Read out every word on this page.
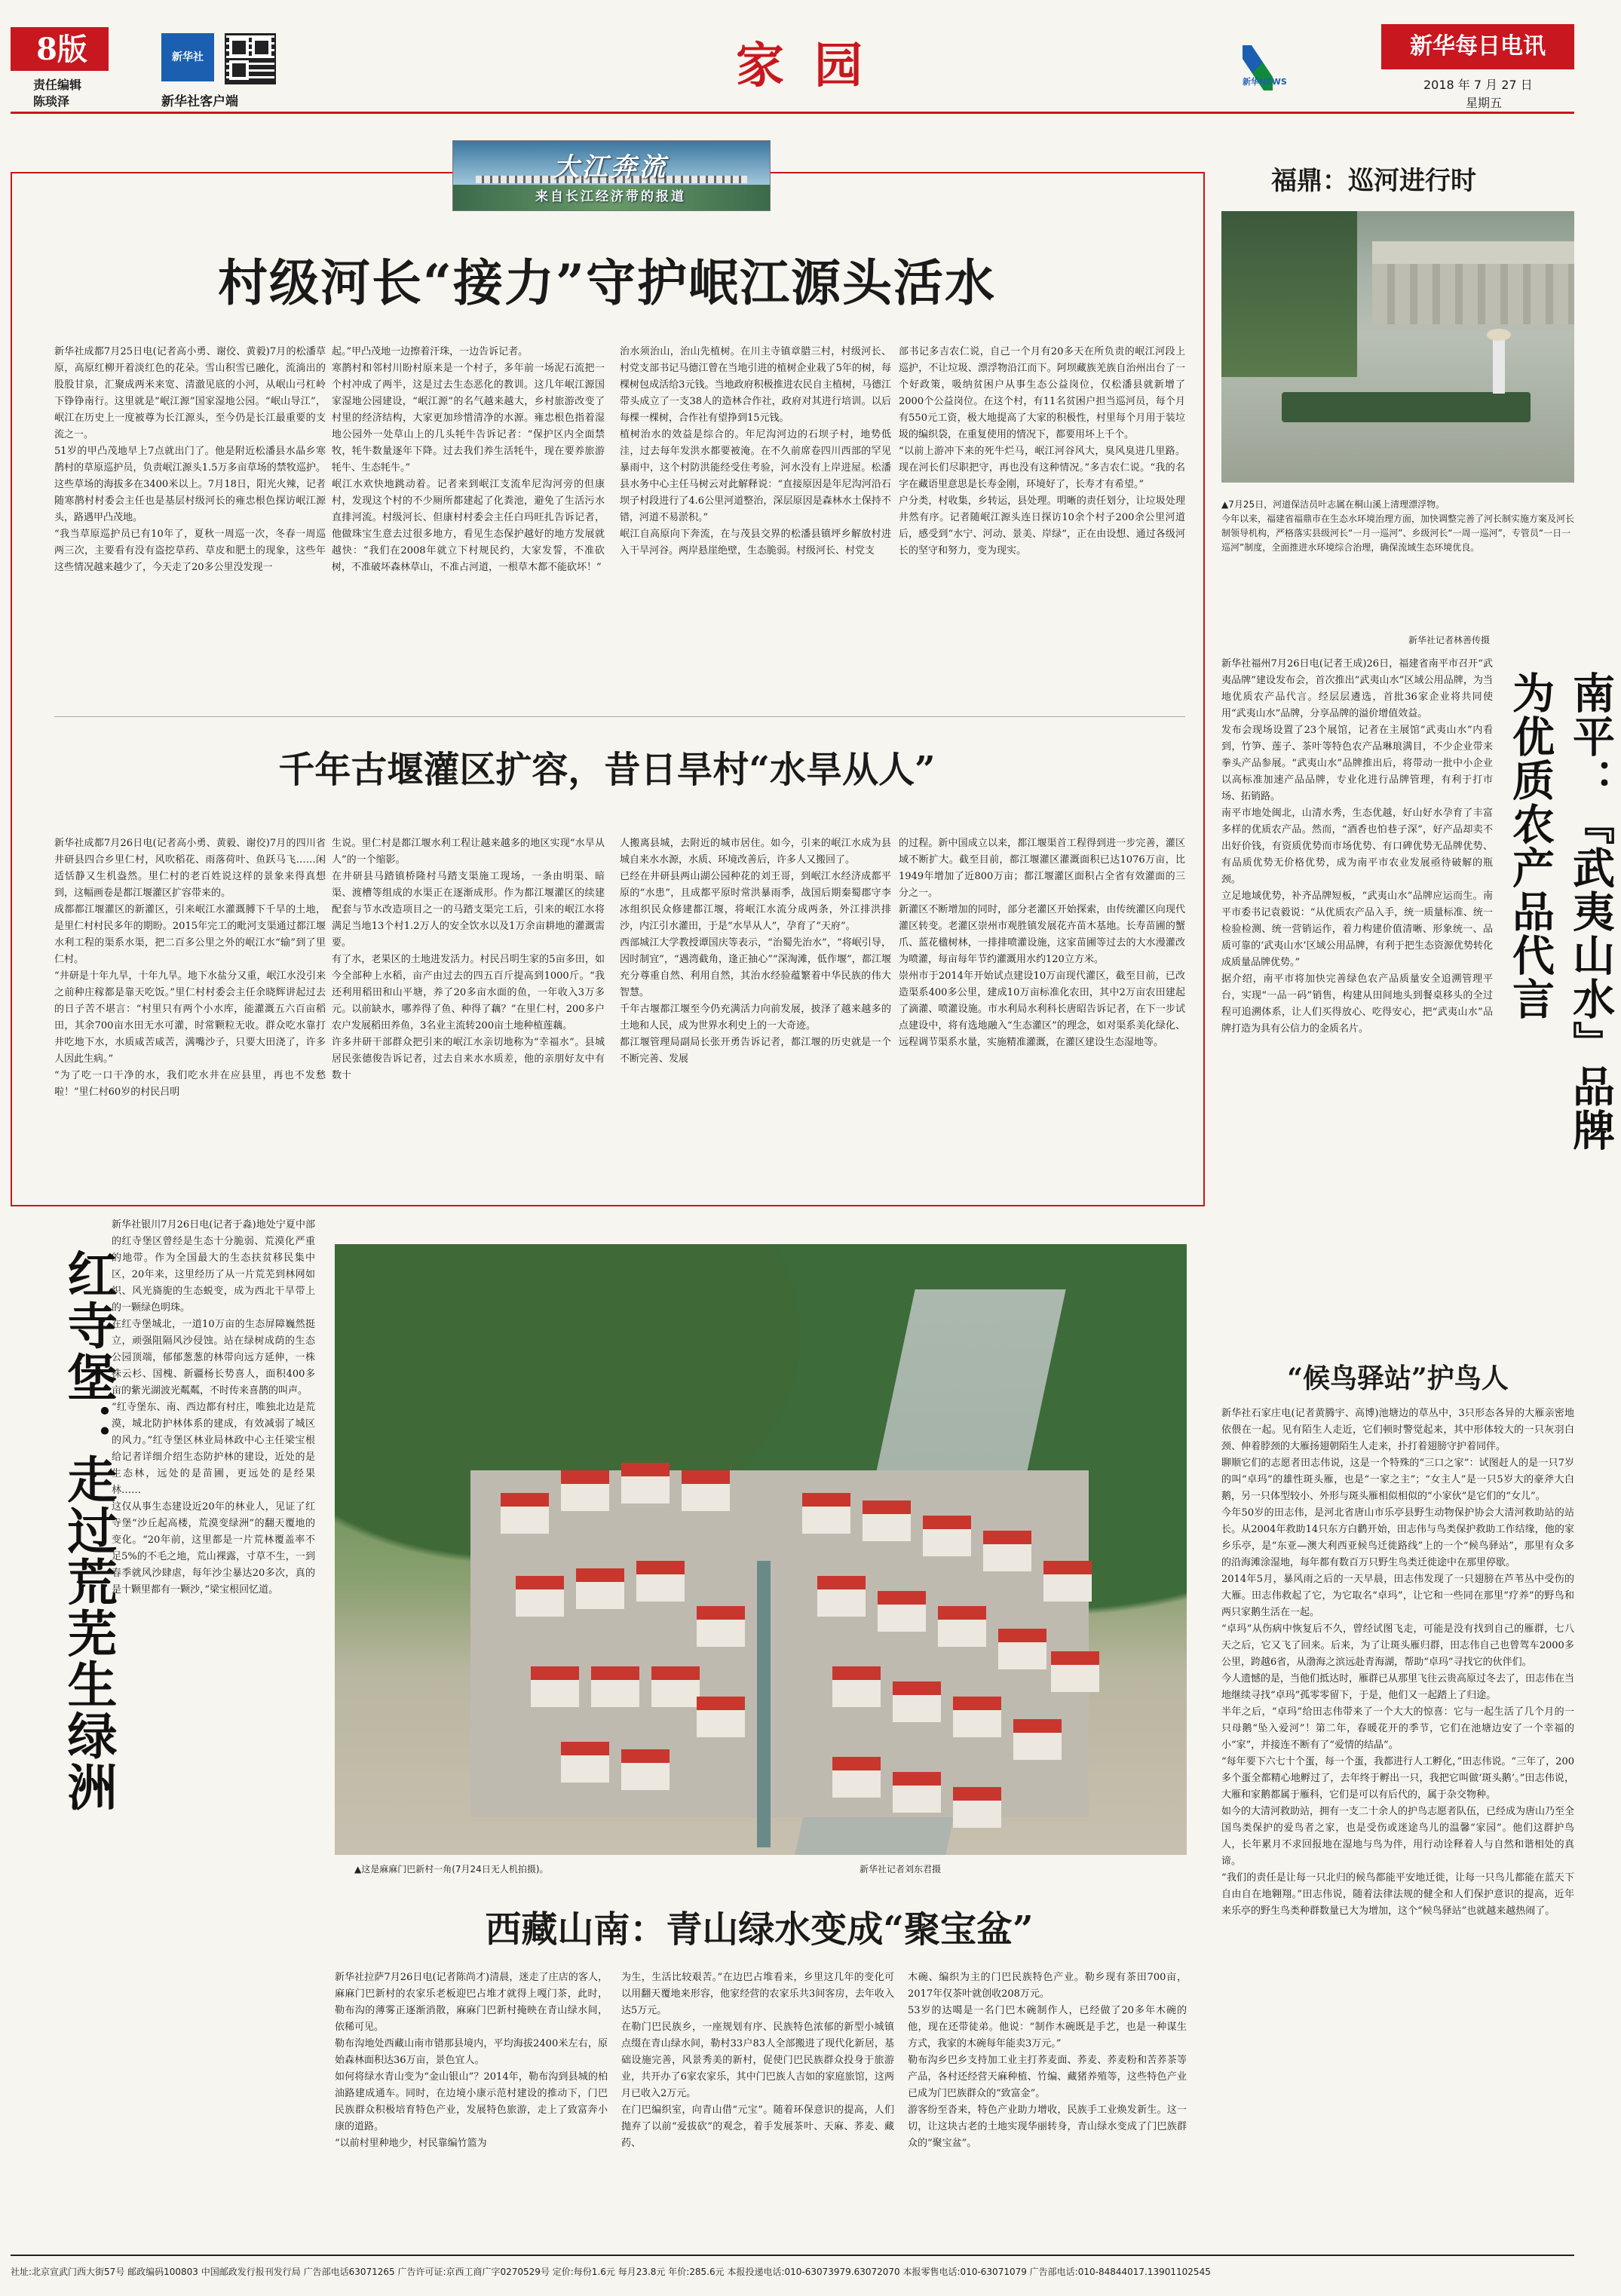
8版
责任编辑
陈琰泽
新华社
新华社客户端
家园	新华NEWS
新华每日电讯
2018 年 7 月 27 日
星期五
大江奔流
来自长江经济带的报道
村级河长“接力”守护岷江源头活水
新华社成都7月25日电(记者高小勇、谢佼、黄毅)7月的松潘草原，高原红柳开着淡红色的花朵。雪山积雪已融化，流淌出的股股甘泉，汇聚成两米来宽、清澈见底的小河，从岷山弓杠岭下铮铮南行。这里就是“岷江源”国家湿地公园。“岷山导江”，岷江在历史上一度被尊为长江源头，至今仍是长江最重要的支流之一。
51岁的甲凸茂地早上7点就出门了。他是附近松潘县水晶乡寒鹊村的草原巡护员，负责岷江源头1.5万多亩草场的禁牧巡护。这些草场的海拔多在3400米以上。7月18日，阳光火辣，记者随寒鹊村村委会主任也是基层村级河长的雍忠根色探访岷江源头，路遇甲凸茂地。
“我当草原巡护员已有10年了，夏秋一周巡一次，冬春一周巡两三次，主要看有没有盗挖草药、草皮和肥土的现象，这些年这些情况越来越少了，今天走了20多公里没发现一
起。”甲凸茂地一边擦着汗珠，一边告诉记者。
寒鹊村和邻村川盼村原来是一个村子，多年前一场泥石流把一个村冲成了两半，这是过去生态恶化的教训。这几年岷江源国家湿地公园建设，“岷江源”的名气越来越大，乡村旅游改变了村里的经济结构，大家更加珍惜清净的水源。雍忠根色指着湿地公园外一处草山上的几头牦牛告诉记者：“保护区内全面禁牧，牦牛数量逐年下降。过去我们养生活牦牛，现在要养旅游牦牛、生态牦牛。”
岷江水欢快地跳动着。记者来到岷江支流牟尼沟河旁的但康村，发现这个村的不少厕所都建起了化粪池，避免了生活污水直排河流。村级河长、但康村村委会主任白玛旺扎告诉记者，他做珠宝生意去过很多地方，看见生态保护越好的地方发展就越快：“我们在2008年就立下村规民约，大家发誓，不准砍树，不准破坏森林草山，不准占河道，一根草木都不能砍坏！”
治水须治山，治山先植树。在川主寺镇章腊三村，村级河长、村党支部书记马德江曾在当地引进的植树企业栽了5年的树，每棵树包成活给3元钱。当地政府积极推进农民自主植树，马德江带头成立了一支38人的造林合作社，政府对其进行培训。以后每棵一棵树，合作社有望挣到15元钱。
植树治水的效益是综合的。年尼沟河边的石坝子村，地势低洼，过去每年发洪水都要被淹。在不久前席卷四川西部的罕见暴雨中，这个村防洪能经受住考验，河水没有上岸进屋。松潘县水务中心主任马树云对此解释说：“直接原因是年尼沟河沿石坝子村段进行了4.6公里河道整治，深层原因是森林水土保持不错，河道不易淤积。”
岷江自高原向下奔流，在与茂县交界的松潘县镇坪乡解放村进入干旱河谷。两岸悬崖绝壁，生态脆弱。村级河长、村党支
部书记多吉农仁说，自己一个月有20多天在所负责的岷江河段上巡护，不让垃圾、漂浮物沿江而下。阿坝藏族羌族自治州出台了一个好政策，吸纳贫困户从事生态公益岗位，仅松潘县就新增了2000个公益岗位。在这个村，有11名贫困户担当巡河员，每个月有550元工资，极大地提高了大家的积极性，村里每个月用于装垃圾的编织袋，在重复使用的情况下，都要用坏上千个。
“以前上游冲下来的死牛烂马，岷江河谷风大，臭风臭进几里路。现在河长们尽职把守，再也没有这种情况。”多吉农仁说。“我的名字在藏语里意思是长寿金刚，环境好了，长寿才有希望。”
户分类，村收集，乡转运，县处理。明晰的责任划分，让垃圾处理井然有序。记者随岷江源头连日探访10余个村子200余公里河道后，感受到“水宁、河动、景美、岸绿”，正在由设想、通过各级河长的坚守和努力，变为现实。
千年古堰灌区扩容，昔日旱村“水旱从人”
新华社成都7月26日电(记者高小勇、黄毅、谢佼)7月的四川省井研县四合乡里仁村，风吹稻花、雨落荷叶、鱼跃马飞……闲适恬静又生机盎然。里仁村的老百姓说这样的景象来得真想到，这幅画卷是都江堰灌区扩容带来的。
成都都江堰灌区的新灌区，引来岷江水灌溉膊下千旱的土地，是里仁村村民多年的期盼。2015年完工的毗河支渠通过都江堰水利工程的渠系水渠，把二百多公里之外的岷江水“输”到了里仁村。
“井研是十年九旱，十年九旱。地下水盐分又重，岷江水没引来之前种庄稼都是靠天吃饭。”里仁村村委会主任余晓辉讲起过去的日子苦不堪言：“村里只有两个小水库，能灌溉五六百亩稻田，其余700亩水田无水可灌，时常颗粒无收。群众吃水靠打井吃地下水，水质咸苦咸苦，满嘴沙子，只要大田浇了，许多人因此生病。”
“为了吃一口干净的水，我们吃水井在应县里，再也不发愁啦！”里仁村60岁的村民吕明
生说。里仁村是都江堰水利工程让越来越多的地区实现“水旱从人”的一个缩影。
在井研县马踏镇桥隆村马踏支渠施工现场，一条由明渠、暗渠、渡槽等组成的水渠正在逐渐成形。作为都江堰灌区的续建配套与节水改造项目之一的马踏支渠完工后，引来的岷江水将满足当地13个村1.2万人的安全饮水以及1万余亩耕地的灌溉需要。
有了水，老果区的土地进发活力。村民吕明生家的5亩多田，如今全部种上水稻，亩产由过去的四五百斤提高到1000斤。“我还利用稻田和山平塘，养了20多亩水面的鱼，一年收入3万多元。以前缺水，哪养得了鱼、种得了藕？”在里仁村，200多户农户发展稻田养鱼，3名业主流转200亩土地种植莲藕。
许多井研干部群众把引来的岷江水亲切地称为“幸福水”。县城居民张德俊告诉记者，过去自来水水质差，他的亲朋好友中有数十
人搬离县城，去附近的城市居住。如今，引来的岷江水成为县城自来水水源，水质、环境改善后，许多人又搬回了。
已经在井研县两山湖公园种花的刘王哥，到岷江水经济成都平原的“水患”，且成都平原时常洪暴雨季，战国后期秦蜀郡守李冰组织民众修建都江堰，将岷江水流分成两条，外江排洪排沙，内江引水灌田，于是“水旱从人”，孕育了“天府”。
西部城江大学教授谭国庆等表示，“治蜀先治水”，“将岷引导，因时制宜”，“遇湾截角，逢正抽心”“深淘滩，低作堰”，都江堰充分尊重自然、利用自然，其治水经验蕴繁着中华民族的伟大智慧。
千年古堰都江堰至今仍充满活力向前发展，披泽了越来越多的土地和人民，成为世界水利史上的一大奇迹。
都江堰管理局副局长张开勇告诉记者，都江堰的历史就是一个不断完善、发展
的过程。新中国成立以来，都江堰渠首工程得到进一步完善，灌区域不断扩大。截至目前，都江堰灌区灌溉面积已达1076万亩，比1949年增加了近800万亩；都江堰灌区面积占全省有效灌面的三分之一。
新灌区不断增加的同时，部分老灌区开始探索，由传统灌区向现代灌区转变。老灌区崇州市观胜镇发展花卉苗木基地。长寿苗圃的蟹爪、蓝花楹树林，一排排喷灌设施，这家苗圃等过去的大水漫灌改为喷灌，每亩每年节约灌溉用水约120立方米。
崇州市于2014年开始试点建设10万亩现代灌区，截至目前，已改造渠系400多公里，建成10万亩标准化农田，其中2万亩农田建起了滴灌、喷灌设施。市水利局水利科长唐昭告诉记者，在下一步试点建设中，将有选地融入“生态灌区”的理念，如对渠系美化绿化、远程调节渠系水量，实施精准灌溉，在灌区建设生态湿地等。
红寺堡：走过荒芜生绿洲
新华社银川7月26日电(记者于淼)地处宁夏中部的红寺堡区曾经是生态十分脆弱、荒漠化严重的地带。作为全国最大的生态扶贫移民集中区，20年来，这里经历了从一片荒芜到林网如织、风光旖旎的生态蜕变，成为西北干旱带上的一颗绿色明珠。
在红寺堡城北，一道10万亩的生态屏障巍然挺立，顽强阻隔风沙侵蚀。站在绿树成荫的生态公园顶端，郁郁葱葱的林带向远方延伸，一株株云杉、国槐、新疆杨长势喜人，面积400多亩的紫光湖波光粼粼，不时传来喜鹊的叫声。
“红寺堡东、南、西边都有村庄，唯独北边是荒漠，城北防护林体系的建成，有效减弱了城区的风力。”红寺堡区林业局林政中心主任梁宝根给记者详细介绍生态防护林的建设，近处的是生态林，远处的是苗圃，更远处的是经果林……
这仅从事生态建设近20年的林业人，见证了红寺堡“沙丘起高楼，荒漠变绿洲”的翻天覆地的变化。“20年前，这里都是一片荒林覆盖率不足5%的不毛之地，荒山裸露，寸草不生，一到春季就风沙肆虐，每年沙尘暴达20多次，真的是十颗里都有一颗沙，”梁宝根回忆道。
▲这是麻麻门巴新村一角(7月24日无人机拍摄)。	新华社记者刘东君摄
西藏山南：青山绿水变成“聚宝盆”
新华社拉萨7月26日电(记者陈尚才)清晨，迷走了庄店的客人，麻麻门巴新村的农家乐老板迎巴占堆才就得上嘎门茶，此时，勒布沟的薄雾正逐渐消散，麻麻门巴新村掩映在青山绿水间，依稀可见。
勒布沟地处西藏山南市错那县境内，平均海拔2400米左右，原始森林面积达36万亩，景色宜人。
如何将绿水青山变为“金山银山”？2014年，勒布沟到县城的柏油路建成通车。同时，在边境小康示范村建设的推动下，门巴民族群众积极培育特色产业，发展特色旅游，走上了致富奔小康的道路。
“以前村里种地少，村民靠编竹篮为
为生，生活比较艰苦。”在边巴占堆看来，乡里这几年的变化可以用翻天覆地来形容，他家经营的农家乐共3间客房，去年收入达5万元。
在勒门巴民族乡，一座规划有序、民族特色浓郁的新型小城镇点缀在青山绿水间，勒村33户83人全部搬进了现代化新居，基础设施完善，风景秀美的新村，促使门巴民族群众投身于旅游业，共开办了6家农家乐，其中门巴族人吉如的家庭旅馆，这两月已收入2万元。
在门巴编织室，向青山借“元宝”。随着环保意识的提高，人们抛弃了以前“爱拔砍”的观念，着手发展茶叶、天麻、荞麦、藏药、
木碗、编织为主的门巴民族特色产业。勒乡现有茶田700亩，2017年仅茶叶就创收208万元。
53岁的达噶是一名门巴木碗制作人，已经做了20多年木碗的他，现在还带徒弟。他说：“制作木碗既是手艺，也是一种谋生方式，我家的木碗每年能卖3万元。”
勒布沟乡巴乡支持加工业主打荞麦面、荞麦、荞麦粉和苦荞茶等产品，各村还经营天麻种植、竹编、藏猪养殖等，这些特色产业已成为门巴族群众的“致富金”。
游客纷至沓来，特色产业助力增收，民族手工业焕发新生。这一切，让这块古老的土地实现华丽转身，青山绿水变成了门巴族群众的“聚宝盆”。
福鼎：巡河进行时
▲7月25日，河道保洁员叶志属在桐山溪上清理漂浮物。
今年以来，福建省福鼎市在生态水环境治理方面，加快调整完善了河长制实施方案及河长制领导机构，严格落实县级河长“一月一巡河”、乡级河长“一周一巡河”，专管员“一日一巡河”制度，全面推进水环境综合治理，确保流域生态环境优良。
新华社记者林善传摄
新华社福州7月26日电(记者王成)26日，福建省南平市召开“武夷品牌”建设发布会，首次推出“武夷山水”区域公用品牌，为当地优质农产品代言。经层层遴选，首批36家企业将共同使用“武夷山水”品牌，分享品牌的溢价增值效益。
发布会现场设置了23个展馆，记者在主展馆“武夷山水”内看到，竹笋、莲子、茶叶等特色农产品琳琅满目，不少企业带来拳头产品参展。“武夷山水”品牌推出后，将带动一批中小企业以高标准加速产品品牌，专业化进行品牌管理，有利于打市场、拓销路。
南平市地处闽北，山清水秀，生态优越，好山好水孕育了丰富多样的优质农产品。然而，“酒香也怕巷子深”，好产品却卖不出好价钱，有资质优势而市场优势、有口碑优势无品牌优势、有品质优势无价格优势，成为南平市农业发展亟待破解的瓶颈。
立足地域优势，补齐品牌短板，“武夷山水”品牌应运而生。南平市委书记袁毅说：“从优质农产品入手，统一质量标准、统一检验检测、统一营销运作，着力构建价值清晰、形象统一、品质可靠的‘武夷山水’区域公用品牌，有利于把生态资源优势转化成质量品牌优势。”
据介绍，南平市将加快完善绿色农产品质量安全追溯管理平台，实现“一品一码”销售，构建从田间地头到餐桌移头的全过程可追溯体系，让人们买得放心、吃得安心，把“武夷山水”品牌打造为具有公信力的金质名片。	南平：『武夷山水』品牌为优质农产品代言
“候鸟驿站”护鸟人
新华社石家庄电(记者黄腾宇、高博)池塘边的草丛中，3只形态各异的大雁亲密地依偎在一起。见有陌生人走近，它们顿时警觉起来，其中形体较大的一只灰羽白颈、伸着脖颈的大雁扬翅朝陌生人走来，扑打着翅膀守护着同伴。
聊顺它们的志愿者田志伟说，这是一个特殊的“三口之家”：试图赶人的是一只7岁的叫“卓玛”的雄性斑头雁，也是“一家之主”；“女主人”是一只5岁大的豪斧大白鹅，另一只体型较小、外形与斑头雁相似相似的“小家伙”是它们的“女儿”。
今年50岁的田志伟，是河北省唐山市乐亭县野生动物保护协会大清河救助站的站长。从2004年救助14只东方白鹳开始，田志伟与鸟类保护救助工作结缘，他的家乡乐亭，是“东亚—澳大利西亚候鸟迁徙路线”上的一个“候鸟驿站”，那里有众多的沿海滩涂湿地，每年都有数百万只野生鸟类迁徙途中在那里停歇。
2014年5月，暴风雨之后的一天早晨，田志伟发现了一只翅膀在芦苇丛中受伤的大雁。田志伟救起了它，为它取名“卓玛”，让它和一些同在那里“疗养”的野鸟和两只家鹅生活在一起。
“卓玛”从伤病中恢复后不久，曾经试图飞走，可能是没有找到自己的雁群，七八天之后，它又飞了回来。后来，为了让斑头雁归群，田志伟自己也曾驾车2000多公里，跨越6省，从渤海之滨远赴青海湖，帮助“卓玛”寻找它的伙伴们。
今人遗憾的是，当他们抵达时，雁群已从那里飞往云贵高原过冬去了，田志伟在当地继续寻找“卓玛”孤零零留下，于是，他们又一起踏上了归途。
半年之后，“卓玛”给田志伟带来了一个大大的惊喜：它与一起生活了几个月的一只母鹅“坠入爱河”！第二年，春暖花开的季节，它们在池塘边安了一个幸福的小“家”，并接连不断有了“爱情的结晶”。
“每年要下六七十个蛋，每一个蛋，我都进行人工孵化，”田志伟说。“三年了，200多个蛋全都精心地孵过了，去年终于孵出一只，我把它叫做‘斑头鹅’。”田志伟说，大雁和家鹅都属于雁科，它们是可以有后代的，属于杂交物种。
如今的大清河救助站，拥有一支二十余人的护鸟志愿者队伍，已经成为唐山乃至全国鸟类保护的爱鸟者之家，也是受伤或迷途鸟儿的温馨“家园”。他们这群护鸟人，长年累月不求回报地在湿地与鸟为伴，用行动诠释着人与自然和谐相处的真谛。
“我们的责任是让每一只北归的候鸟都能平安地迁徙，让每一只鸟儿都能在蓝天下自由自在地翱翔。”田志伟说，随着法律法规的健全和人们保护意识的提高，近年来乐亭的野生鸟类种群数量已大为增加，这个“候鸟驿站”也就越来越热闹了。
社址:北京宣武门西大街57号 邮政编码100803 中国邮政发行报刊发行局 广告部电话63071265 广告许可证:京西工商广字0270529号 定价:每份1.6元 每月23.8元 年价:285.6元 本报投递电话:010-63073979.63072070 本报零售电话:010-63071079 广告部电话:010-84844017.13901102545
